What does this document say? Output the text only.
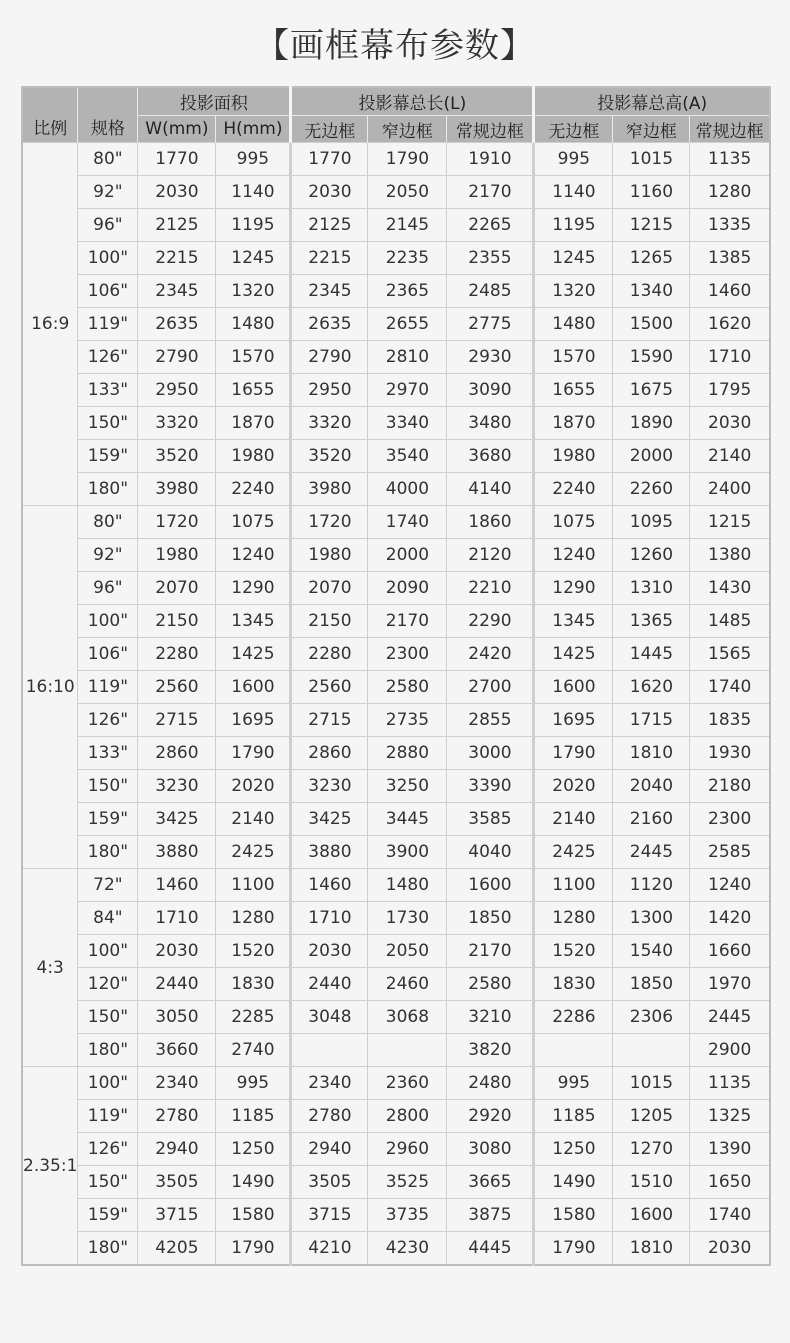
【画框幕布参数】
比例	规格	投影面积		投影幕总长(L)			投影幕总高(A)		
		W(mm)	H(mm)	无边框	窄边框	常规边框	无边框	窄边框	常规边框
16:9	80"	1770	995	1770	1790	1910	995	1015	1135
	92"	2030	1140	2030	2050	2170	1140	1160	1280
	96"	2125	1195	2125	2145	2265	1195	1215	1335
	100"	2215	1245	2215	2235	2355	1245	1265	1385
	106"	2345	1320	2345	2365	2485	1320	1340	1460
	119"	2635	1480	2635	2655	2775	1480	1500	1620
	126"	2790	1570	2790	2810	2930	1570	1590	1710
	133"	2950	1655	2950	2970	3090	1655	1675	1795
	150"	3320	1870	3320	3340	3480	1870	1890	2030
	159"	3520	1980	3520	3540	3680	1980	2000	2140
	180"	3980	2240	3980	4000	4140	2240	2260	2400
16:10	80"	1720	1075	1720	1740	1860	1075	1095	1215
	92"	1980	1240	1980	2000	2120	1240	1260	1380
	96"	2070	1290	2070	2090	2210	1290	1310	1430
	100"	2150	1345	2150	2170	2290	1345	1365	1485
	106"	2280	1425	2280	2300	2420	1425	1445	1565
	119"	2560	1600	2560	2580	2700	1600	1620	1740
	126"	2715	1695	2715	2735	2855	1695	1715	1835
	133"	2860	1790	2860	2880	3000	1790	1810	1930
	150"	3230	2020	3230	3250	3390	2020	2040	2180
	159"	3425	2140	3425	3445	3585	2140	2160	2300
	180"	3880	2425	3880	3900	4040	2425	2445	2585
4:3	72"	1460	1100	1460	1480	1600	1100	1120	1240
	84"	1710	1280	1710	1730	1850	1280	1300	1420
	100"	2030	1520	2030	2050	2170	1520	1540	1660
	120"	2440	1830	2440	2460	2580	1830	1850	1970
	150"	3050	2285	3048	3068	3210	2286	2306	2445
	180"	3660	2740			3820			2900
2.35:1	100"	2340	995	2340	2360	2480	995	1015	1135
	119"	2780	1185	2780	2800	2920	1185	1205	1325
	126"	2940	1250	2940	2960	3080	1250	1270	1390
	150"	3505	1490	3505	3525	3665	1490	1510	1650
	159"	3715	1580	3715	3735	3875	1580	1600	1740
	180"	4205	1790	4210	4230	4445	1790	1810	2030
